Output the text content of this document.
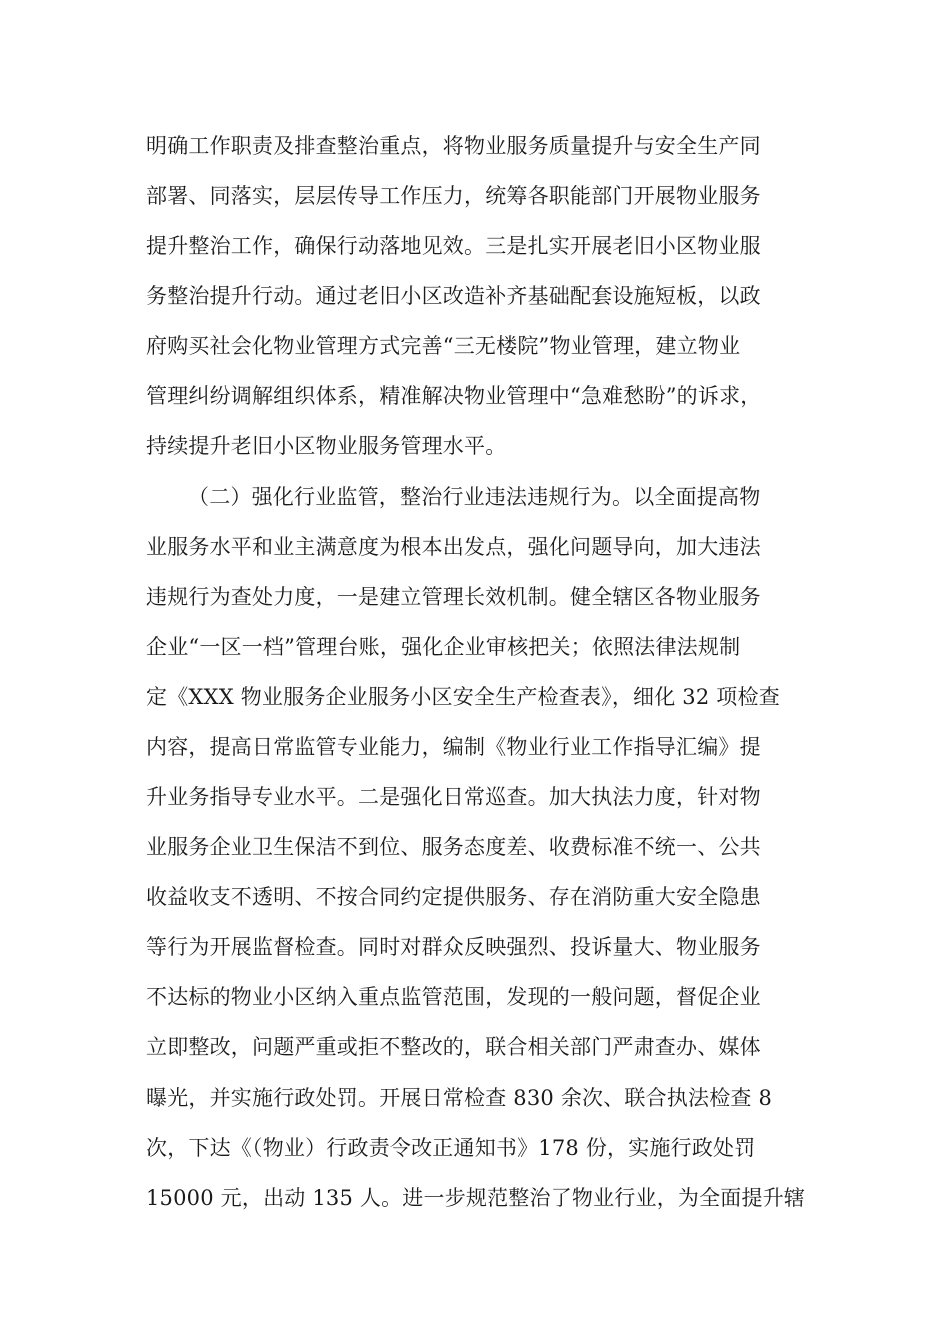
明确工作职责及排查整治重点，将物业服务质量提升与安全生产同

部署、同落实，层层传导工作压力，统筹各职能部门开展物业服务

提升整治工作，确保行动落地见效。三是扎实开展老旧小区物业服

务整治提升行动。通过老旧小区改造补齐基础配套设施短板，以政

府购买社会化物业管理方式完善“三无楼院”物业管理，建立物业

管理纠纷调解组织体系，精准解决物业管理中“急难愁盼”的诉求，

持续提升老旧小区物业服务管理水平。

（二）强化行业监管，整治行业违法违规行为。以全面提高物

业服务水平和业主满意度为根本出发点，强化问题导向，加大违法

违规行为查处力度，一是建立管理长效机制。健全辖区各物业服务

企业“一区一档”管理台账，强化企业审核把关；依照法律法规制

定《XXX 物业服务企业服务小区安全生产检查表》，细化 32 项检查

内容，提高日常监管专业能力，编制《物业行业工作指导汇编》提

升业务指导专业水平。二是强化日常巡查。加大执法力度，针对物

业服务企业卫生保洁不到位、服务态度差、收费标准不统一、公共

收益收支不透明、不按合同约定提供服务、存在消防重大安全隐患

等行为开展监督检查。同时对群众反映强烈、投诉量大、物业服务

不达标的物业小区纳入重点监管范围，发现的一般问题，督促企业

立即整改，问题严重或拒不整改的，联合相关部门严肃查办、媒体

曝光，并实施行政处罚。开展日常检查 830 余次、联合执法检查 8

次，下达《（物业）行政责令改正通知书》178 份，实施行政处罚

15000 元，出动 135 人。进一步规范整治了物业行业，为全面提升辖
